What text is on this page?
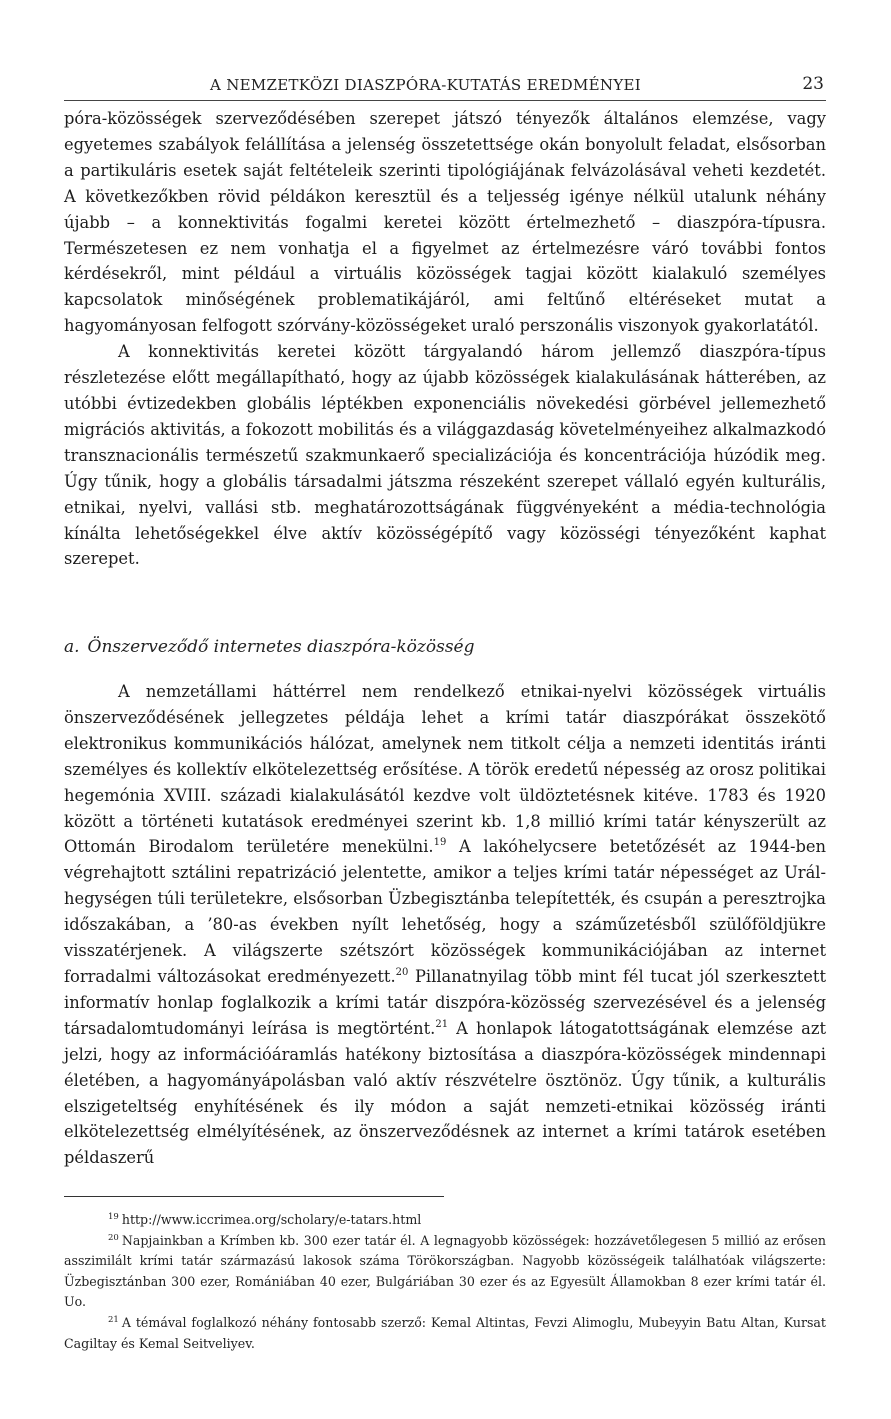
A NEMZETKÖZI DIASZPÓRA-KUTATÁS EREDMÉNYEI	23

póra-közösségek szerveződésében szerepet játszó tényezők általános elemzése, vagy egyetemes szabályok felállítása a jelenség összetettsége okán bonyolult feladat, elsősorban a partikuláris esetek saját feltételeik szerinti tipológiájának felvázolásával veheti kezdetét. A következőkben rövid példákon keresztül és a teljesség igénye nélkül utalunk néhány újabb – a konnektivitás fogalmi keretei között értelmezhető – diaszpóra-típusra. Természetesen ez nem vonhatja el a figyelmet az értelmezésre váró további fontos kérdésekről, mint például a virtuális közösségek tagjai között kialakuló személyes kapcsolatok minőségének problematikájáról, ami feltűnő eltéréseket mutat a hagyományosan felfogott szórvány-közösségeket uraló perszonális viszonyok gyakorlatától.

A konnektivitás keretei között tárgyalandó három jellemző diaszpóra-típus részletezése előtt megállapítható, hogy az újabb közösségek kialakulásának hátterében, az utóbbi évtizedekben globális léptékben exponenciális növekedési görbével jellemezhető migrációs aktivitás, a fokozott mobilitás és a világgazdaság követelményeihez alkalmazkodó transznacionális természetű szakmunkaerő specializációja és koncentrációja húzódik meg. Úgy tűnik, hogy a globális társadalmi játszma részeként szerepet vállaló egyén kulturális, etnikai, nyelvi, vallási stb. meghatározottságának függvényeként a média-technológia kínálta lehetőségekkel élve aktív közösségépítő vagy közösségi tényezőként kaphat szerepet.

a. Önszerveződő internetes diaszpóra-közösség

A nemzetállami háttérrel nem rendelkező etnikai-nyelvi közösségek virtuális önszerveződésének jellegzetes példája lehet a krími tatár diaszpórákat összekötő elektronikus kommunikációs hálózat, amelynek nem titkolt célja a nemzeti identitás iránti személyes és kollektív elkötelezettség erősítése. A török eredetű népesség az orosz politikai hegemónia XVIII. századi kialakulásától kezdve volt üldöztetésnek kitéve. 1783 és 1920 között a történeti kutatások eredményei szerint kb. 1,8 millió krími tatár kényszerült az Ottomán Birodalom területére menekülni.$^{19}$ A lakóhelycsere betetőzését az 1944-ben végrehajtott sztálini repatrizáció jelentette, amikor a teljes krími tatár népességet az Urál-hegységen túli területekre, elsősorban Üzbegisztánba telepítették, és csupán a peresztrojka időszakában, a ’80-as években nyílt lehetőség, hogy a száműzetésből szülőföldjükre visszatérjenek. A világszerte szétszórt közösségek kommunikációjában az internet forradalmi változásokat eredményezett.$^{20}$ Pillanatnyilag több mint fél tucat jól szerkesztett informatív honlap foglalkozik a krími tatár diszpóra-közösség szervezésével és a jelenség társadalomtudományi leírása is megtörtént.$^{21}$ A honlapok látogatottságának elemzése azt jelzi, hogy az információáramlás hatékony biztosítása a diaszpóra-közösségek mindennapi életében, a hagyományápolásban való aktív részvételre ösztönöz. Úgy tűnik, a kulturális elszigeteltség enyhítésének és ily módon a saját nemzeti-etnikai közösség iránti elkötelezettség elmélyítésének, az önszerveződésnek az internet a krími tatárok esetében példaszerű

$^{19}$ http://www.iccrimea.org/scholary/e-tatars.html

$^{20}$ Napjainkban a Krímben kb. 300 ezer tatár él. A legnagyobb közösségek: hozzávetőlegesen 5 millió az erősen asszimilált krími tatár származású lakosok száma Törökországban. Nagyobb közösségeik találhatóak világszerte: Üzbegisztánban 300 ezer, Romániában 40 ezer, Bulgáriában 30 ezer és az Egyesült Államokban 8 ezer krími tatár él. Uo.

$^{21}$ A témával foglalkozó néhány fontosabb szerző: Kemal Altintas, Fevzi Alimoglu, Mubeyyin Batu Altan, Kursat Cagiltay és Kemal Seitveliyev.
